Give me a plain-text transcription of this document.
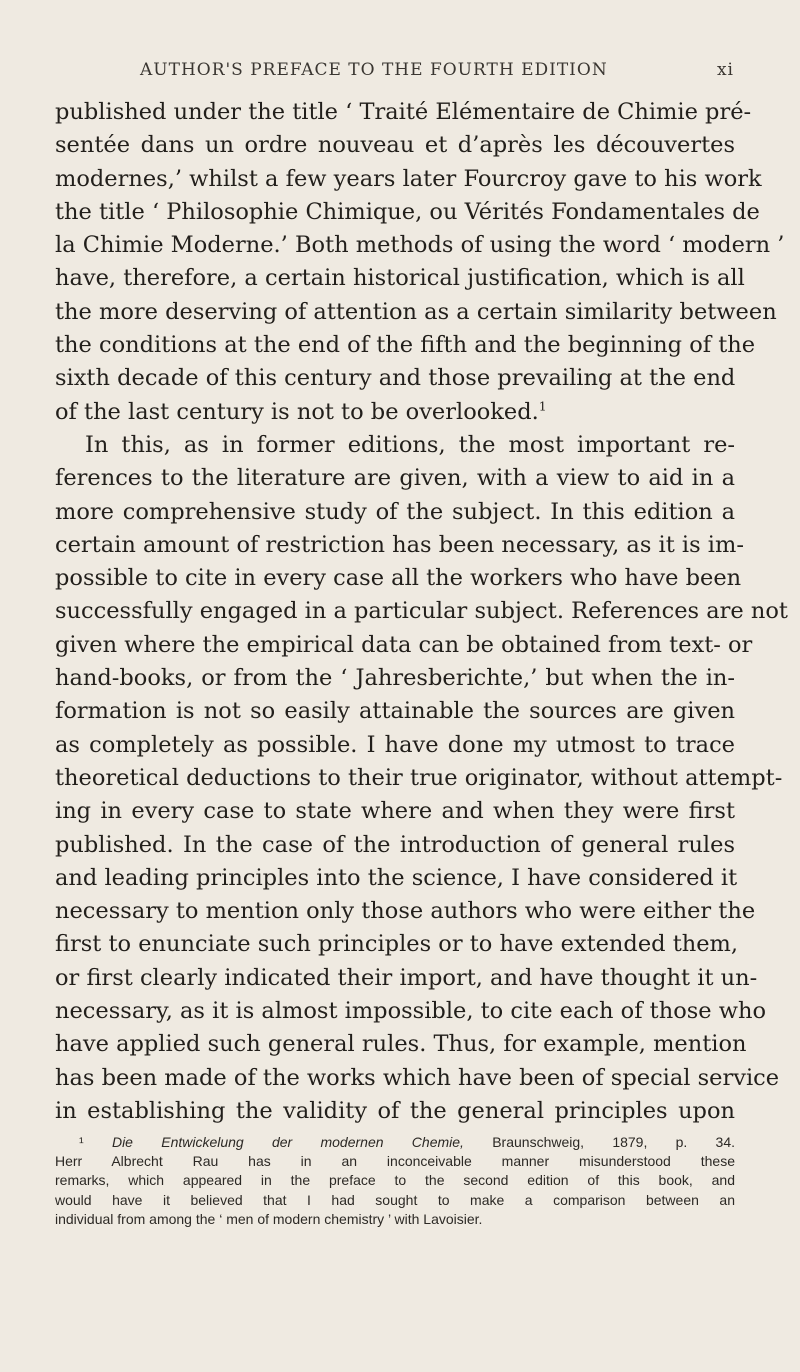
AUTHOR'S PREFACE TO THE FOURTH EDITION	xi
published under the title ‘ Traité Elémentaire de Chimie pré-
sentée dans un ordre nouveau et d’après les découvertes
modernes,’ whilst a few years later Fourcroy gave to his work
the title ‘ Philosophie Chimique, ou Vérités Fondamentales de
la Chimie Moderne.’ Both methods of using the word ‘ modern ’
have, therefore, a certain historical justification, which is all
the more deserving of attention as a certain similarity between
the conditions at the end of the fifth and the beginning of the
sixth decade of this century and those prevailing at the end
of the last century is not to be overlooked.$^1$
In this, as in former editions, the most important re-
ferences to the literature are given, with a view to aid in a
more comprehensive study of the subject. In this edition a
certain amount of restriction has been necessary, as it is im-
possible to cite in every case all the workers who have been
successfully engaged in a particular subject. References are not
given where the empirical data can be obtained from text- or
hand-books, or from the ‘ Jahresberichte,’ but when the in-
formation is not so easily attainable the sources are given
as completely as possible. I have done my utmost to trace
theoretical deductions to their true originator, without attempt-
ing in every case to state where and when they were first
published. In the case of the introduction of general rules
and leading principles into the science, I have considered it
necessary to mention only those authors who were either the
first to enunciate such principles or to have extended them,
or first clearly indicated their import, and have thought it un-
necessary, as it is almost impossible, to cite each of those who
have applied such general rules. Thus, for example, mention
has been made of the works which have been of special service
in establishing the validity of the general principles upon
¹ Die Entwickelung der modernen Chemie, Braunschweig, 1879, p. 34.
Herr Albrecht Rau has in an inconceivable manner misunderstood these
remarks, which appeared in the preface to the second edition of this book, and
would have it believed that I had sought to make a comparison between an
individual from among the ‘ men of modern chemistry ’ with Lavoisier.
